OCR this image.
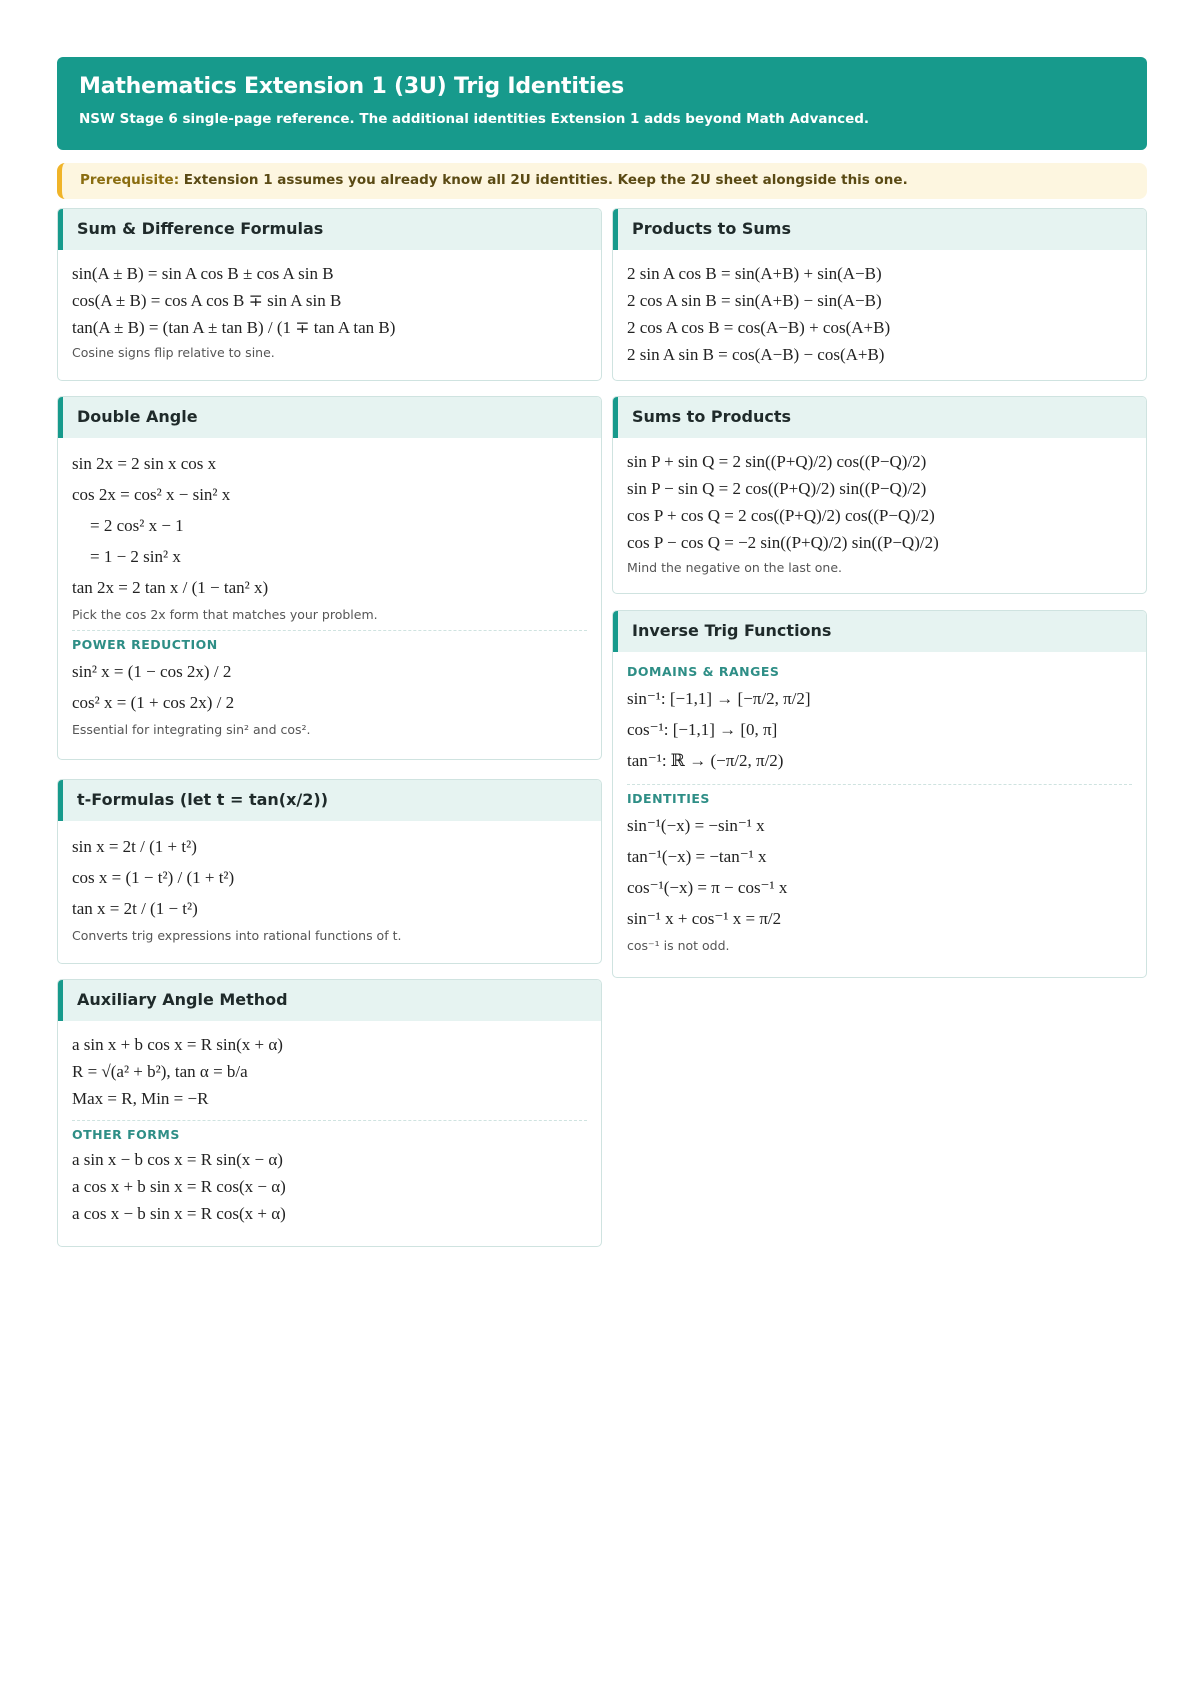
Mathematics Extension 1 (3U) Trig Identities
NSW Stage 6 single-page reference. The additional identities Extension 1 adds beyond Math Advanced.
Prerequisite: Extension 1 assumes you already know all 2U identities. Keep the 2U sheet alongside this one.
Sum & Difference Formulas
sin(A ± B) = sin A cos B ± cos A sin B
cos(A ± B) = cos A cos B ∓ sin A sin B
tan(A ± B) = (tan A ± tan B) / (1 ∓ tan A tan B)
Cosine signs flip relative to sine.
Double Angle
sin 2x = 2 sin x cos x
cos 2x = cos² x − sin² x
= 2 cos² x − 1
= 1 − 2 sin² x
tan 2x = 2 tan x / (1 − tan² x)
Pick the cos 2x form that matches your problem.
POWER REDUCTION
sin² x = (1 − cos 2x) / 2
cos² x = (1 + cos 2x) / 2
Essential for integrating sin² and cos².
t-Formulas (let t = tan(x/2))
sin x = 2t / (1 + t²)
cos x = (1 − t²) / (1 + t²)
tan x = 2t / (1 − t²)
Converts trig expressions into rational functions of t.
Auxiliary Angle Method
a sin x + b cos x = R sin(x + α)
R = √(a² + b²), tan α = b/a
Max = R, Min = −R
OTHER FORMS
a sin x − b cos x = R sin(x − α)
a cos x + b sin x = R cos(x − α)
a cos x − b sin x = R cos(x + α)
Products to Sums
2 sin A cos B = sin(A+B) + sin(A−B)
2 cos A sin B = sin(A+B) − sin(A−B)
2 cos A cos B = cos(A−B) + cos(A+B)
2 sin A sin B = cos(A−B) − cos(A+B)
Sums to Products
sin P + sin Q = 2 sin((P+Q)/2) cos((P−Q)/2)
sin P − sin Q = 2 cos((P+Q)/2) sin((P−Q)/2)
cos P + cos Q = 2 cos((P+Q)/2) cos((P−Q)/2)
cos P − cos Q = −2 sin((P+Q)/2) sin((P−Q)/2)
Mind the negative on the last one.
Inverse Trig Functions
DOMAINS & RANGES
sin⁻¹: [−1,1] → [−π/2, π/2]
cos⁻¹: [−1,1] → [0, π]
tan⁻¹: ℝ → (−π/2, π/2)
IDENTITIES
sin⁻¹(−x) = −sin⁻¹ x
tan⁻¹(−x) = −tan⁻¹ x
cos⁻¹(−x) = π − cos⁻¹ x
sin⁻¹ x + cos⁻¹ x = π/2
cos⁻¹ is not odd.
